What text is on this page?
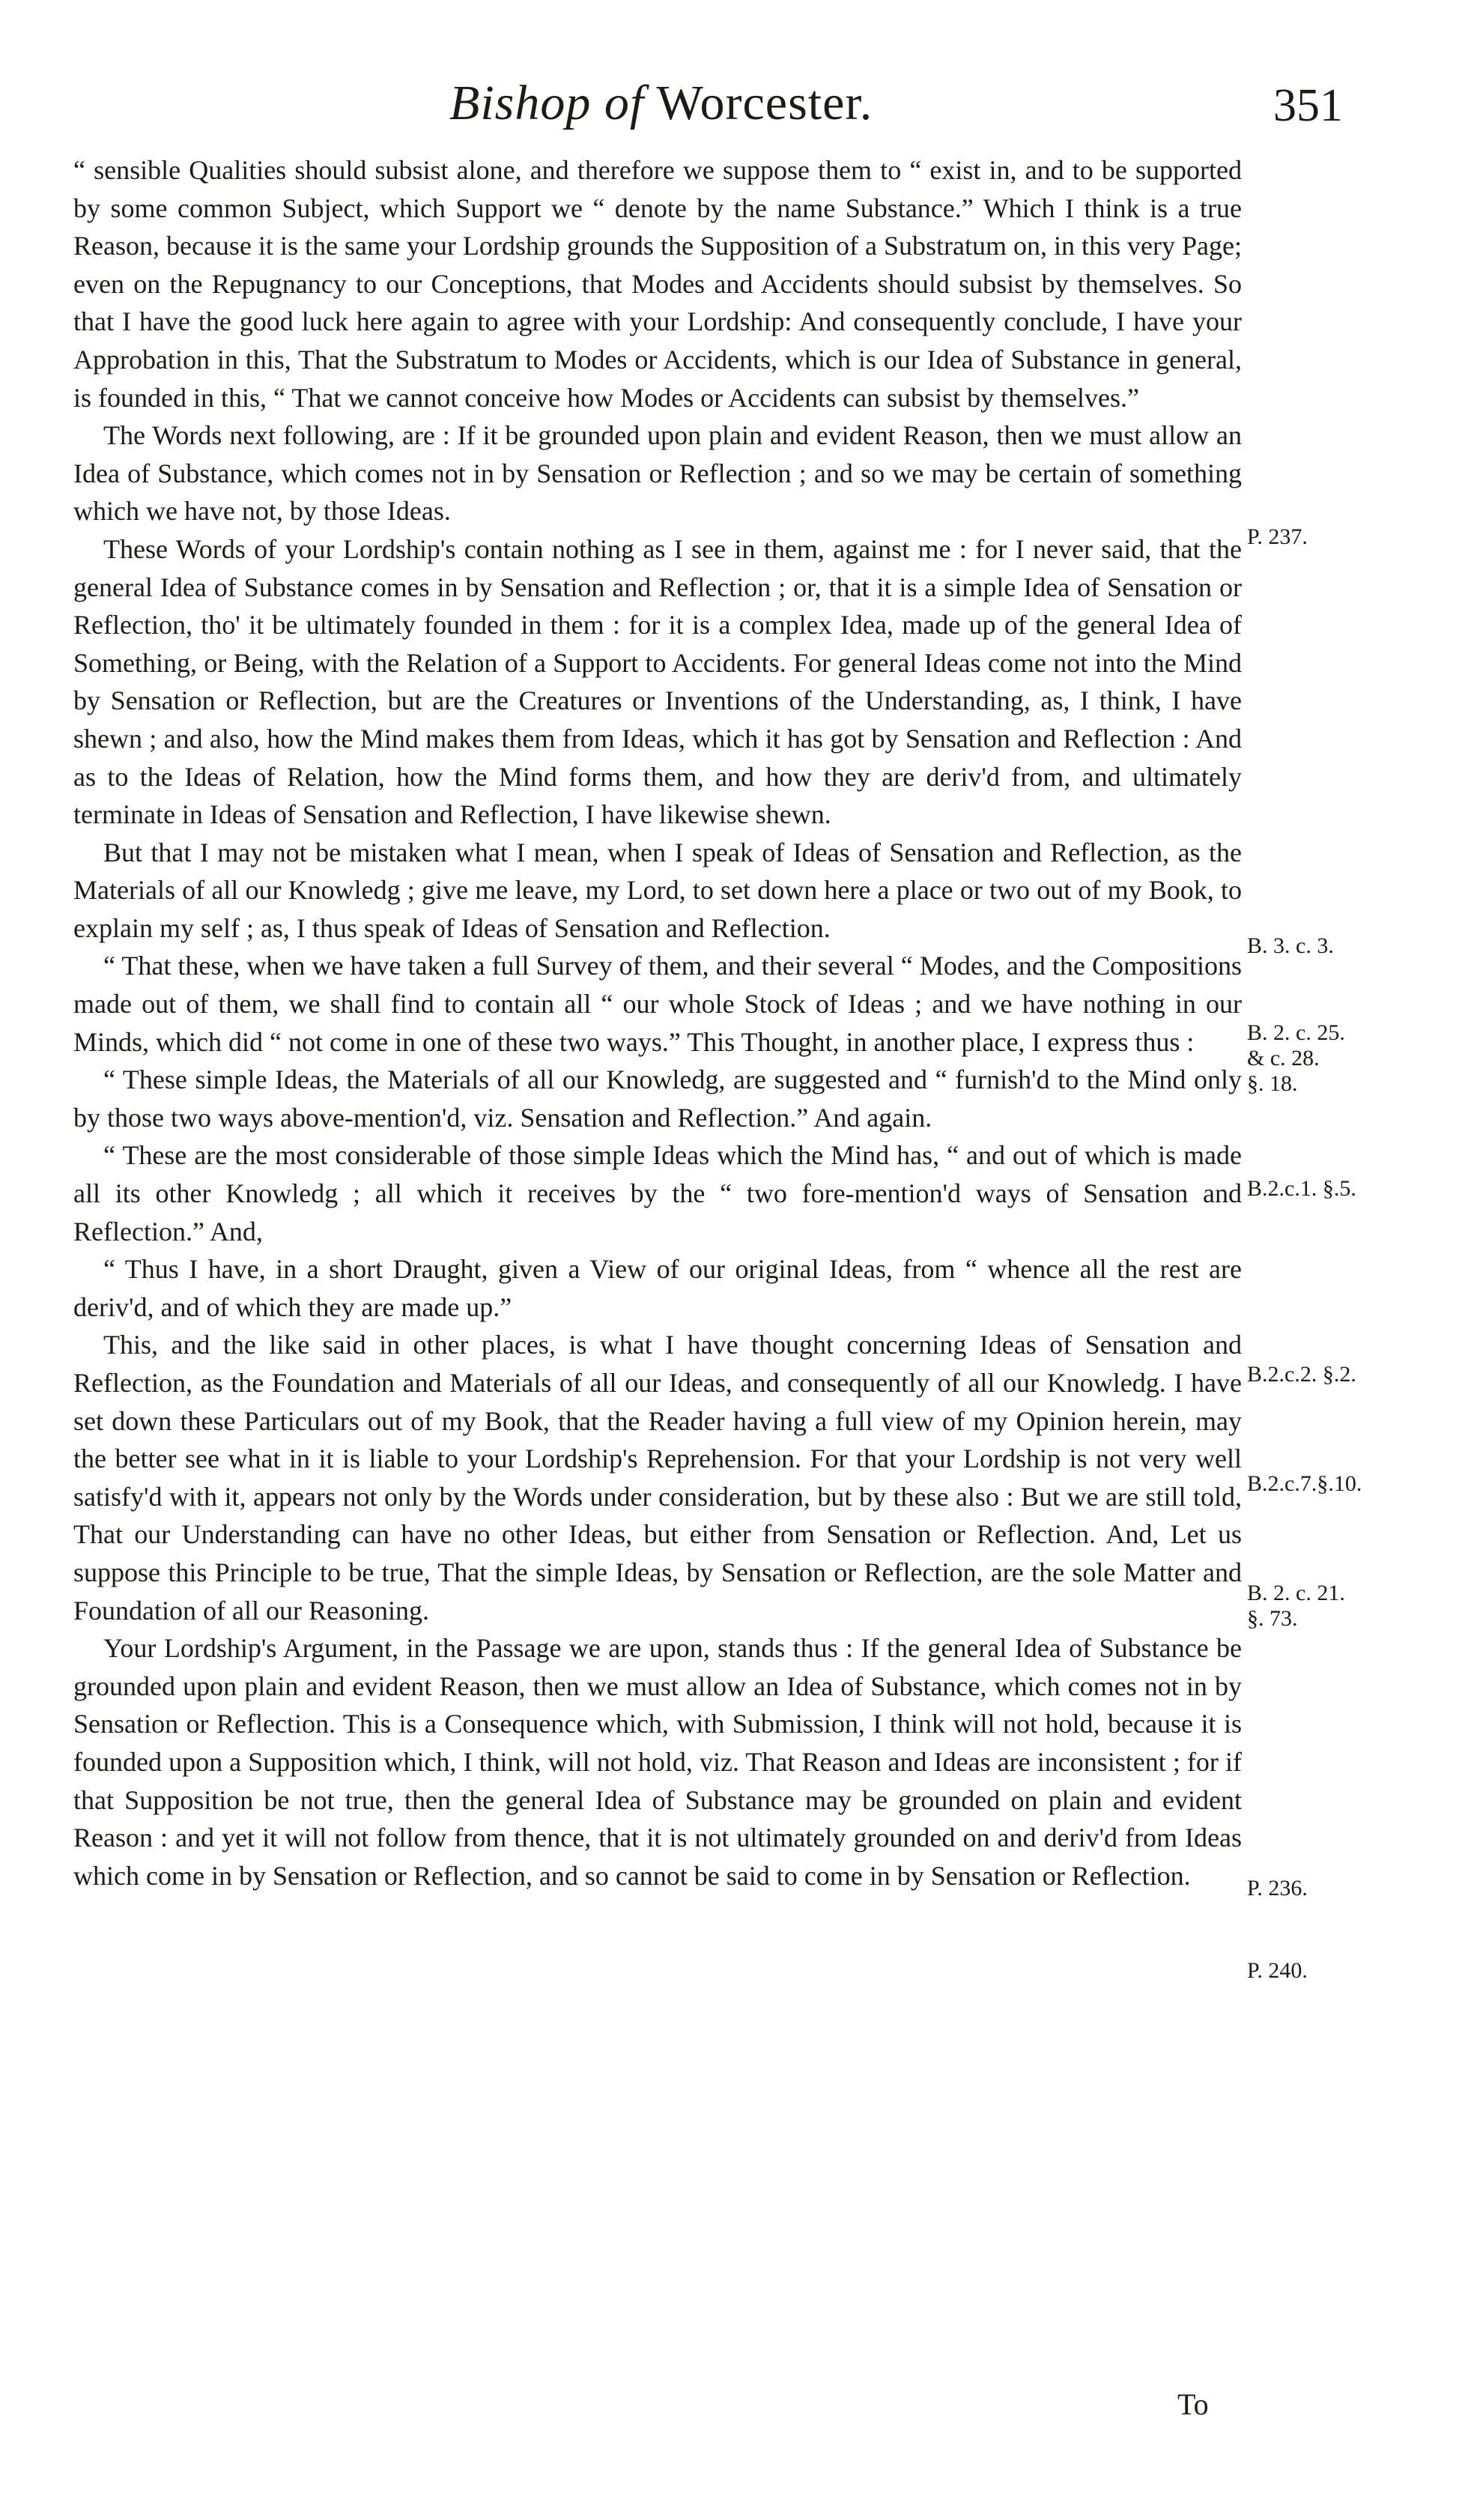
Bishop of Worcester.	351

“ sensible Qualities should subsist alone, and therefore we suppose them to “ exist in, and to be supported by some common Subject, which Support we “ denote by the name Substance.” Which I think is a true Reason, because it is the same your Lordship grounds the Supposition of a Substratum on, in this very Page; even on the Repugnancy to our Conceptions, that Modes and Accidents should subsist by themselves. So that I have the good luck here again to agree with your Lordship: And consequently conclude, I have your Approbation in this, That the Substratum to Modes or Accidents, which is our Idea of Substance in general, is founded in this, “ That we cannot conceive how Modes or Accidents can subsist by themselves.”

The Words next following, are : If it be grounded upon plain and evident Reason, then we must allow an Idea of Substance, which comes not in by Sensation or Reflection ; and so we may be certain of something which we have not, by those Ideas.

These Words of your Lordship's contain nothing as I see in them, against me : for I never said, that the general Idea of Substance comes in by Sensation and Reflection ; or, that it is a simple Idea of Sensation or Reflection, tho' it be ultimately founded in them : for it is a complex Idea, made up of the general Idea of Something, or Being, with the Relation of a Support to Accidents. For general Ideas come not into the Mind by Sensation or Reflection, but are the Creatures or Inventions of the Understanding, as, I think, I have shewn ; and also, how the Mind makes them from Ideas, which it has got by Sensation and Reflection : And as to the Ideas of Relation, how the Mind forms them, and how they are deriv'd from, and ultimately terminate in Ideas of Sensation and Reflection, I have likewise shewn.

But that I may not be mistaken what I mean, when I speak of Ideas of Sensation and Reflection, as the Materials of all our Knowledg ; give me leave, my Lord, to set down here a place or two out of my Book, to explain my self ; as, I thus speak of Ideas of Sensation and Reflection.

“ That these, when we have taken a full Survey of them, and their several “ Modes, and the Compositions made out of them, we shall find to contain all “ our whole Stock of Ideas ; and we have nothing in our Minds, which did “ not come in one of these two ways.” This Thought, in another place, I express thus :

“ These simple Ideas, the Materials of all our Knowledg, are suggested and “ furnish'd to the Mind only by those two ways above-mention'd, viz. Sensation and Reflection.” And again.

“ These are the most considerable of those simple Ideas which the Mind has, “ and out of which is made all its other Knowledg ; all which it receives by the “ two fore-mention'd ways of Sensation and Reflection.” And,

“ Thus I have, in a short Draught, given a View of our original Ideas, from “ whence all the rest are deriv'd, and of which they are made up.”

This, and the like said in other places, is what I have thought concerning Ideas of Sensation and Reflection, as the Foundation and Materials of all our Ideas, and consequently of all our Knowledg. I have set down these Particulars out of my Book, that the Reader having a full view of my Opinion herein, may the better see what in it is liable to your Lordship's Reprehension. For that your Lordship is not very well satisfy'd with it, appears not only by the Words under consideration, but by these also : But we are still told, That our Understanding can have no other Ideas, but either from Sensation or Reflection. And, Let us suppose this Principle to be true, That the simple Ideas, by Sensation or Reflection, are the sole Matter and Foundation of all our Reasoning.

Your Lordship's Argument, in the Passage we are upon, stands thus : If the general Idea of Substance be grounded upon plain and evident Reason, then we must allow an Idea of Substance, which comes not in by Sensation or Reflection. This is a Consequence which, with Submission, I think will not hold, because it is founded upon a Supposition which, I think, will not hold, viz. That Reason and Ideas are inconsistent ; for if that Supposition be not true, then the general Idea of Substance may be grounded on plain and evident Reason : and yet it will not follow from thence, that it is not ultimately grounded on and deriv'd from Ideas which come in by Sensation or Reflection, and so cannot be said to come in by Sensation or Reflection.

P. 237.
B. 3. c. 3.
B. 2. c. 25.
& c. 28.
§. 18.
B.2.c.1. §.5.
B.2.c.2. §.2.
B.2.c.7.§.10.
B. 2. c. 21.
§. 73.
P. 236.
P. 240.
To
